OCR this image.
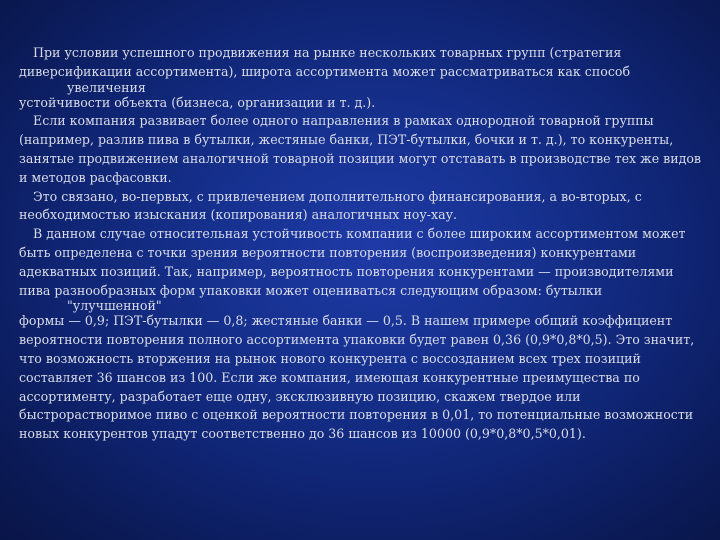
При условии успешного продвижения на рынке нескольких товарных групп (стратегия
диверсификации ассортимента), широта ассортимента может рассматриваться как способ
увеличения
устойчивости объекта (бизнеса, организации и т. д.).
Если компания развивает более одного направления в рамках однородной товарной группы
(например, разлив пива в бутылки, жестяные банки, ПЭТ-бутылки, бочки и т. д.), то конкуренты,
занятые продвижением аналогичной товарной позиции могут отставать в производстве тех же видов
и методов расфасовки.
Это связано, во-первых, с привлечением дополнительного финансирования, а во-вторых, с
необходимостью изыскания (копирования) аналогичных ноу-хау.
В данном случае относительная устойчивость компании с более широким ассортиментом может
быть определена с точки зрения вероятности повторения (воспроизведения) конкурентами
адекватных позиций. Так, например, вероятность повторения конкурентами — производителями
пива разнообразных форм упаковки может оцениваться следующим образом: бутылки
"улучшенной"
формы — 0,9; ПЭТ-бутылки — 0,8; жестяные банки — 0,5. В нашем примере общий коэффициент
вероятности повторения полного ассортимента упаковки будет равен 0,36 (0,9*0,8*0,5). Это значит,
что возможность вторжения на рынок нового конкурента с воссозданием всех трех позиций
составляет 36 шансов из 100. Если же компания, имеющая конкурентные преимущества по
ассортименту, разработает еще одну, эксклюзивную позицию, скажем твердое или
быстрорастворимое пиво с оценкой вероятности повторения в 0,01, то потенциальные возможности
новых конкурентов упадут соответственно до 36 шансов из 10000 (0,9*0,8*0,5*0,01).
